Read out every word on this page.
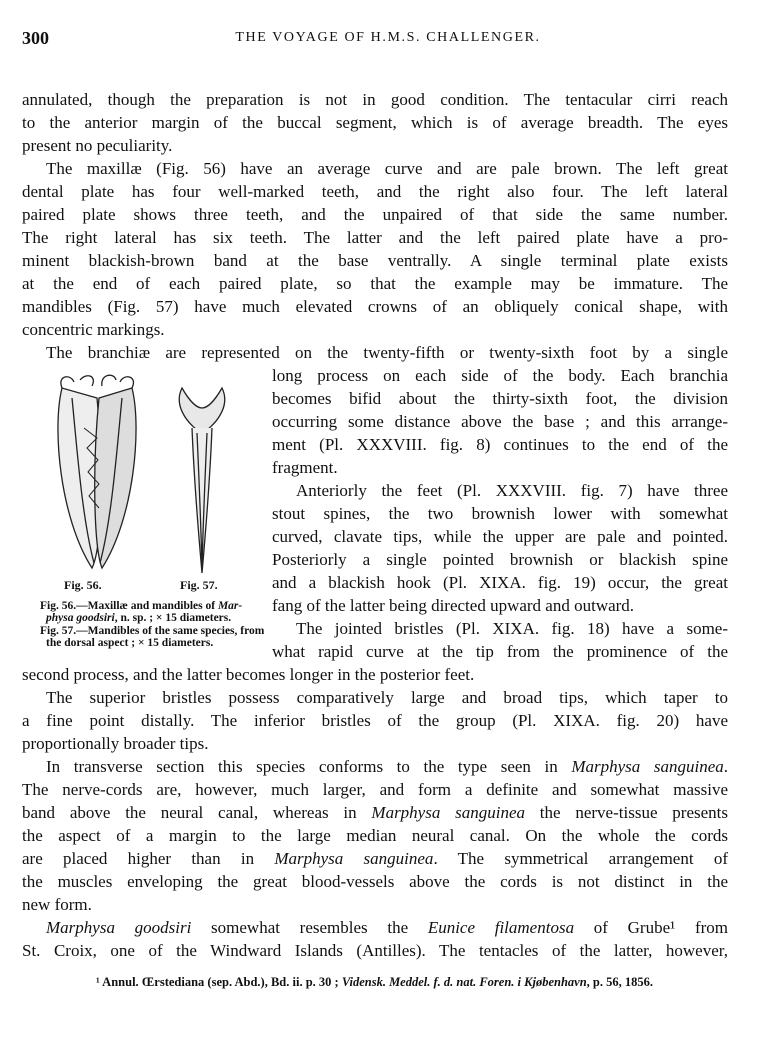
300	THE VOYAGE OF H.M.S. CHALLENGER.
annulated, though the preparation is not in good condition. The tentacular cirri reach
to the anterior margin of the buccal segment, which is of average breadth. The eyes
present no peculiarity.
The maxillæ (Fig. 56) have an average curve and are pale brown. The left great
dental plate has four well-marked teeth, and the right also four. The left lateral
paired plate shows three teeth, and the unpaired of that side the same number.
The right lateral has six teeth. The latter and the left paired plate have a pro-
minent blackish-brown band at the base ventrally. A single terminal plate exists
at the end of each paired plate, so that the example may be immature. The
mandibles (Fig. 57) have much elevated crowns of an obliquely conical shape, with
concentric markings.
The branchiæ are represented on the twenty-fifth or twenty-sixth foot by a single
long process on each side of the body. Each branchia
becomes bifid about the thirty-sixth foot, the division
occurring some distance above the base ; and this arrange-
ment (Pl. XXXVIII. fig. 8) continues to the end of the
fragment.
Anteriorly the feet (Pl. XXXVIII. fig. 7) have three
stout spines, the two brownish lower with somewhat
curved, clavate tips, while the upper are pale and pointed.
Posteriorly a single pointed brownish or blackish spine
and a blackish hook (Pl. XIXA. fig. 19) occur, the great
fang of the latter being directed upward and outward.
The jointed bristles (Pl. XIXA. fig. 18) have a some-
what rapid curve at the tip from the prominence of the
second process, and the latter becomes longer in the posterior feet.
The superior bristles possess comparatively large and broad tips, which taper to
a fine point distally. The inferior bristles of the group (Pl. XIXA. fig. 20) have
proportionally broader tips.
In transverse section this species conforms to the type seen in Marphysa sanguinea.
The nerve-cords are, however, much larger, and form a definite and somewhat massive
band above the neural canal, whereas in Marphysa sanguinea the nerve-tissue presents
the aspect of a margin to the large median neural canal. On the whole the cords
are placed higher than in Marphysa sanguinea. The symmetrical arrangement of
the muscles enveloping the great blood-vessels above the cords is not distinct in the
new form.
Marphysa goodsiri somewhat resembles the Eunice filamentosa of Grube¹ from
St. Croix, one of the Windward Islands (Antilles). The tentacles of the latter, however,
Fig. 56.	Fig. 57.
Fig. 56.—Maxillæ and mandibles of Mar-
physa goodsiri, n. sp. ; × 15 diameters.
Fig. 57.—Mandibles of the same species, from
the dorsal aspect ; × 15 diameters.
¹ Annul. Œrstediana (sep. Abd.), Bd. ii. p. 30 ; Vidensk. Meddel. f. d. nat. Foren. i Kjøbenhavn, p. 56, 1856.
